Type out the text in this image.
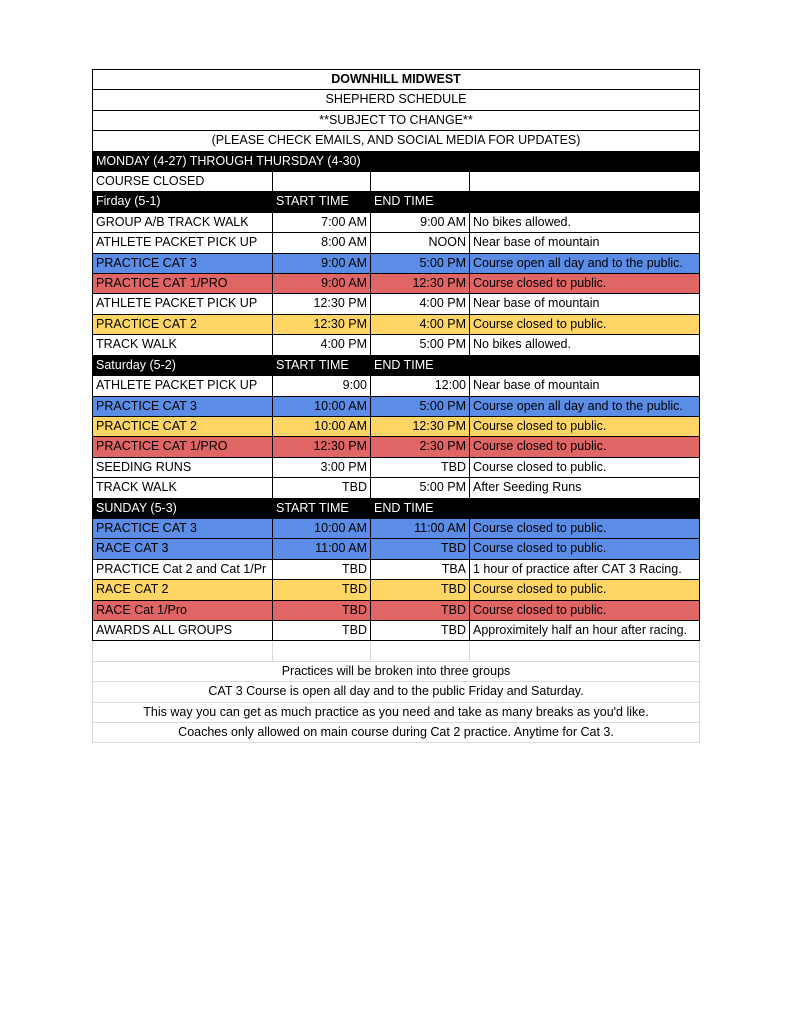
DOWNHILL MIDWEST			
SHEPHERD SCHEDULE			
**SUBJECT TO CHANGE**			
(PLEASE CHECK EMAILS, AND SOCIAL MEDIA FOR UPDATES)			
MONDAY (4-27) THROUGH THURSDAY (4-30)			
COURSE CLOSED			
Firday (5-1)	START TIME	END TIME	
GROUP A/B TRACK WALK	7:00 AM	9:00 AM	No bikes allowed.
ATHLETE PACKET PICK UP	8:00 AM	NOON	Near base of mountain
PRACTICE CAT 3	9:00 AM	5:00 PM	Course open all day and to the public.
PRACTICE CAT 1/PRO	9:00 AM	12:30 PM	Course closed to public.
ATHLETE PACKET PICK UP	12:30 PM	4:00 PM	Near base of mountain
PRACTICE CAT 2	12:30 PM	4:00 PM	Course closed to public.
TRACK WALK	4:00 PM	5:00 PM	No bikes allowed.
Saturday (5-2)	START TIME	END TIME	
ATHLETE PACKET PICK UP	9:00	12:00	Near base of mountain
PRACTICE CAT 3	10:00 AM	5:00 PM	Course open all day and to the public.
PRACTICE CAT 2	10:00 AM	12:30 PM	Course closed to public.
PRACTICE CAT 1/PRO	12:30 PM	2:30 PM	Course closed to public.
SEEDING RUNS	3:00 PM	TBD	Course closed to public.
TRACK WALK	TBD	5:00 PM	After Seeding Runs
SUNDAY (5-3)	START TIME	END TIME	
PRACTICE CAT 3	10:00 AM	11:00 AM	Course closed to public.
RACE CAT 3	11:00 AM	TBD	Course closed to public.
PRACTICE Cat 2 and Cat 1/Pr	TBD	TBA	1 hour of practice after CAT 3 Racing.
RACE CAT 2	TBD	TBD	Course closed to public.
RACE Cat 1/Pro	TBD	TBD	Course closed to public.
AWARDS ALL GROUPS	TBD	TBD	Approximitely half an hour after racing.

Practices will be broken into three groups			
CAT 3 Course is open all day and to the public Friday and Saturday.			
This way you can get as much practice as you need and take as many breaks as you'd like.			
Coaches only allowed on main course during Cat 2 practice. Anytime for Cat 3.			
